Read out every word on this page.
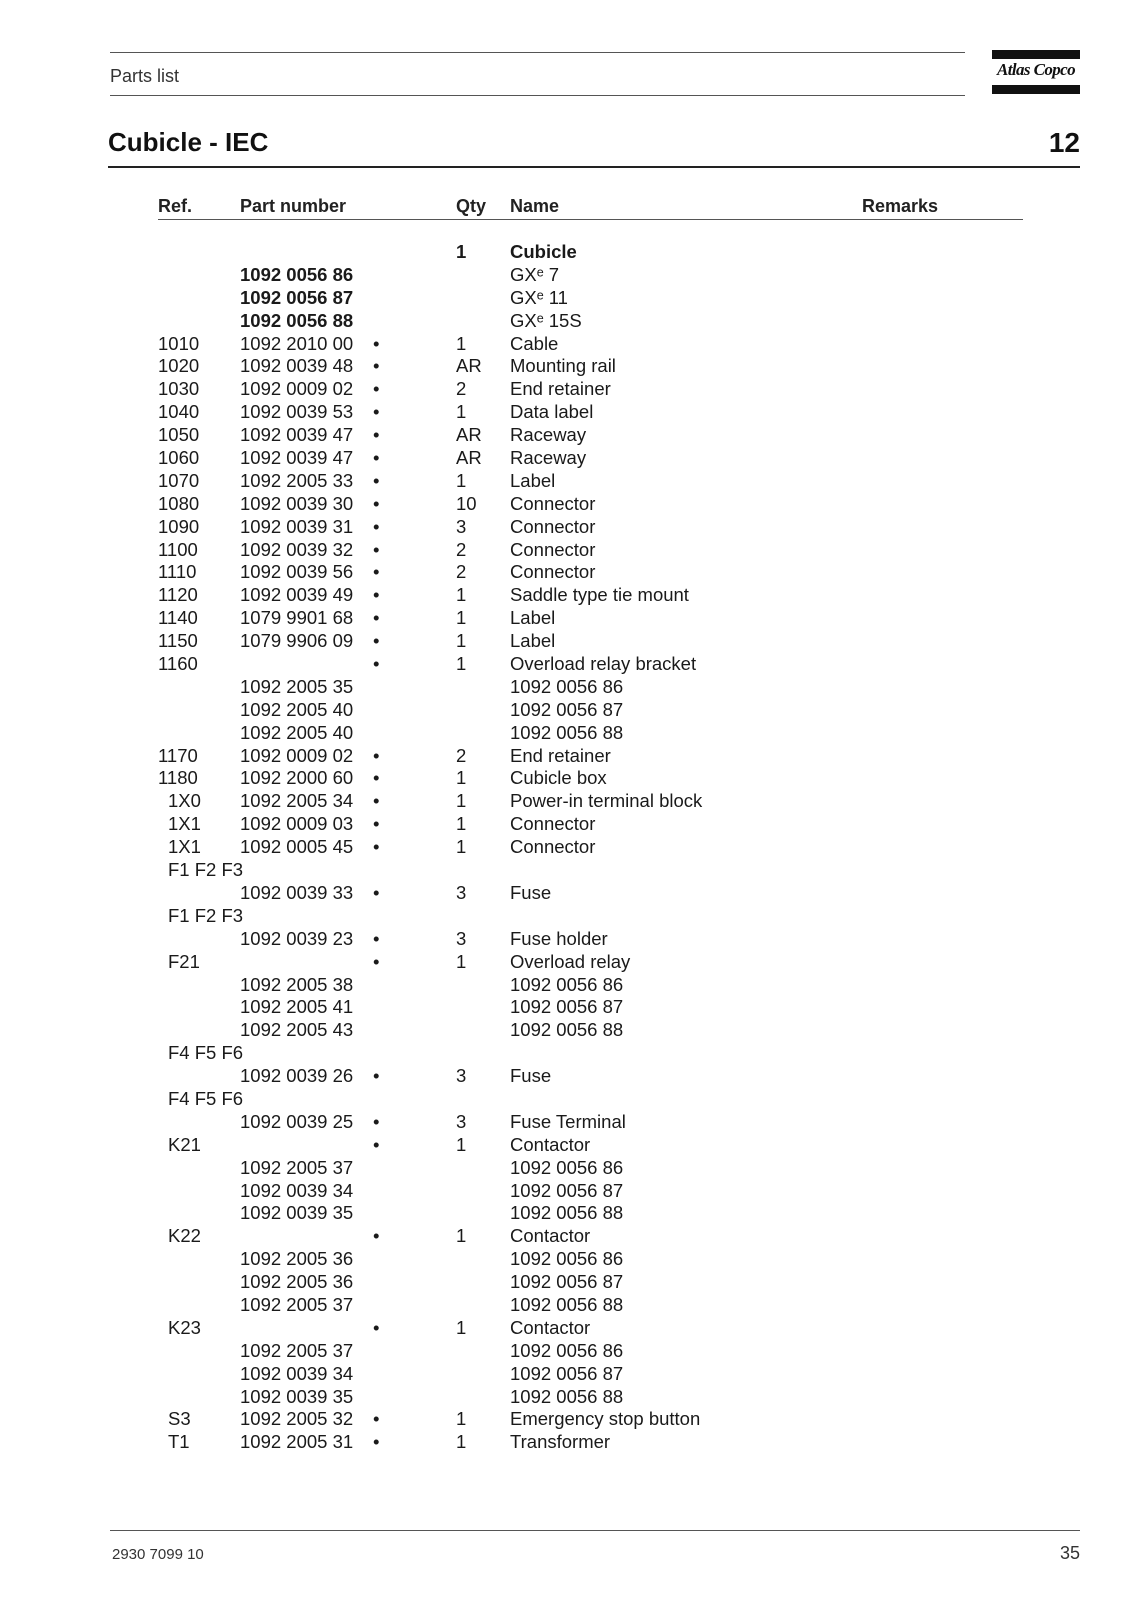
Parts list	Atlas Copco
Cubicle - IEC	12
Ref.	Part number	Qty Name	Remarks
1 Cubicle
1092 0056 86	GXᵉ 7
1092 0056 87	GXᵉ 11
1092 0056 88	GXᵉ 15S
1010 1092 2010 00 •	1 Cable
1020 1092 0039 48 •	AR Mounting rail
1030 1092 0009 02 •	2 End retainer
1040 1092 0039 53 •	1 Data label
1050 1092 0039 47 •	AR Raceway
1060 1092 0039 47 •	AR Raceway
1070 1092 2005 33 •	1 Label
1080 1092 0039 30 •	10 Connector
1090 1092 0039 31 •	3 Connector
1100 1092 0039 32 •	2 Connector
1110 1092 0039 56 •	2 Connector
1120 1092 0039 49 •	1 Saddle type tie mount
1140 1079 9901 68 •	1 Label
1150 1079 9906 09 •	1 Label
1160	•	1 Overload relay bracket
1092 2005 35	1092 0056 86
1092 2005 40	1092 0056 87
1092 2005 40	1092 0056 88
1170 1092 0009 02 •	2 End retainer
1180 1092 2000 60 •	1 Cubicle box
1X0 1092 2005 34 •	1 Power-in terminal block
1X1 1092 0009 03 •	1 Connector
1X1 1092 0005 45 •	1 Connector
F1 F2 F3
1092 0039 33 •	3 Fuse
F1 F2 F3
1092 0039 23 •	3 Fuse holder
F21	•	1 Overload relay
1092 2005 38	1092 0056 86
1092 2005 41	1092 0056 87
1092 2005 43	1092 0056 88
F4 F5 F6
1092 0039 26 •	3 Fuse
F4 F5 F6
1092 0039 25 •	3 Fuse Terminal
K21	•	1 Contactor
1092 2005 37	1092 0056 86
1092 0039 34	1092 0056 87
1092 0039 35	1092 0056 88
K22	•	1 Contactor
1092 2005 36	1092 0056 86
1092 2005 36	1092 0056 87
1092 2005 37	1092 0056 88
K23	•	1 Contactor
1092 2005 37	1092 0056 86
1092 0039 34	1092 0056 87
1092 0039 35	1092 0056 88
S3	1092 2005 32 •	1 Emergency stop button
T1	1092 2005 31 •	1 Transformer
2930 7099 10	35
